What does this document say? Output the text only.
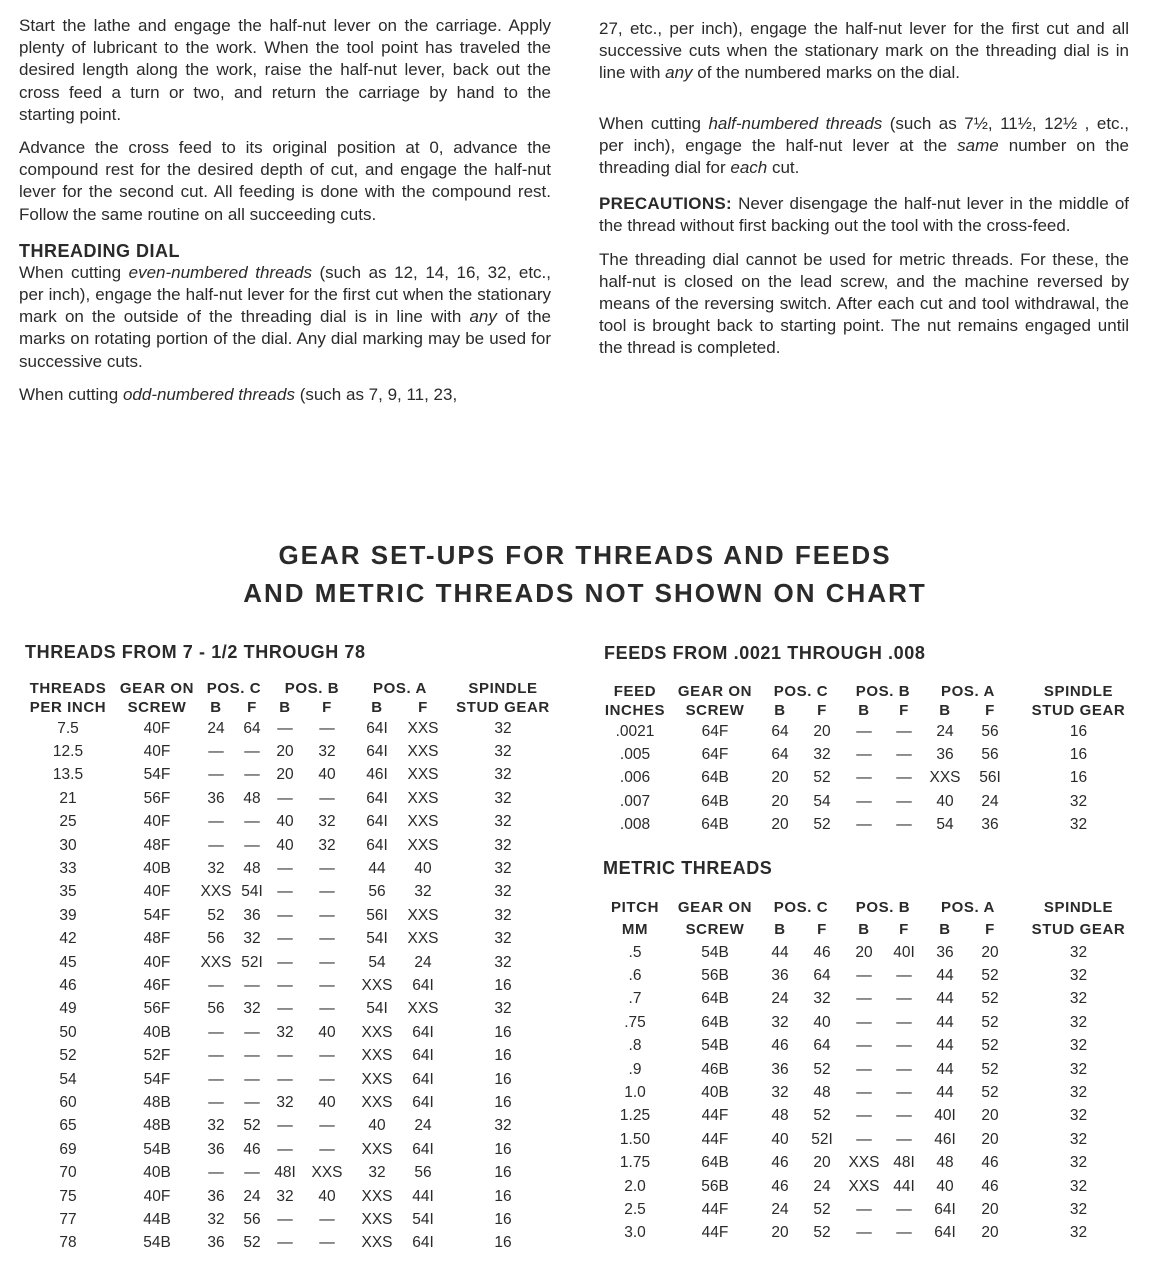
Start the lathe and engage the half-nut lever on the carriage. Apply plenty of lubricant to the work. When the tool point has traveled the desired length along the work, raise the half-nut lever, back out the cross feed a turn or two, and return the carriage by hand to the starting point.

Advance the cross feed to its original position at 0, advance the compound rest for the desired depth of cut, and engage the half-nut lever for the second cut. All feeding is done with the compound rest. Follow the same routine on all succeeding cuts.

THREADING DIAL

When cutting even-numbered threads (such as 12, 14, 16, 32, etc., per inch), engage the half-nut lever for the first cut when the stationary mark on the outside of the threading dial is in line with any of the marks on rotating portion of the dial. Any dial marking may be used for successive cuts.

When cutting odd-numbered threads (such as 7, 9, 11, 23,

27, etc., per inch), engage the half-nut lever for the first cut and all successive cuts when the stationary mark on the threading dial is in line with any of the numbered marks on the dial.

When cutting half-numbered threads (such as 7½, 11½, 12½ , etc., per inch), engage the half-nut lever at the same number on the threading dial for each cut.

PRECAUTIONS: Never disengage the half-nut lever in the middle of the thread without first backing out the tool with the cross-feed.

The threading dial cannot be used for metric threads. For these, the half-nut is closed on the lead screw, and the machine reversed by means of the reversing switch. After each cut and tool withdrawal, the tool is brought back to starting point. The nut remains engaged until the thread is completed.

GEAR SET-UPS FOR THREADS AND FEEDS
AND METRIC THREADS NOT SHOWN ON CHART
THREADS FROM 7 - 1/2 THROUGH 78	FEEDS FROM .0021 THROUGH .008
METRIC THREADS
THREADS	GEAR ON	POS. C		POS. B		POS. A		SPINDLE
PER INCH	SCREW	B	F	B	F	B	F	STUD GEAR
7.5	40F	24	64	—	—	64I	XXS	32
12.5	40F	—	—	20	32	64I	XXS	32
13.5	54F	—	—	20	40	46I	XXS	32
21	56F	36	48	—	—	64I	XXS	32
25	40F	—	—	40	32	64I	XXS	32
30	48F	—	—	40	32	64I	XXS	32
33	40B	32	48	—	—	44	40	32
35	40F	XXS	54I	—	—	56	32	32
39	54F	52	36	—	—	56I	XXS	32
42	48F	56	32	—	—	54I	XXS	32
45	40F	XXS	52I	—	—	54	24	32
46	46F	—	—	—	—	XXS	64I	16
49	56F	56	32	—	—	54I	XXS	32
50	40B	—	—	32	40	XXS	64I	16
52	52F	—	—	—	—	XXS	64I	16
54	54F	—	—	—	—	XXS	64I	16
60	48B	—	—	32	40	XXS	64I	16
65	48B	32	52	—	—	40	24	32
69	54B	36	46	—	—	XXS	64I	16
70	40B	—	—	48I	XXS	32	56	16
75	40F	36	24	32	40	XXS	44I	16
77	44B	32	56	—	—	XXS	54I	16
78	54B	36	52	—	—	XXS	64I	16
FEED	GEAR ON	POS. C		POS. B		POS. A		SPINDLE
INCHES	SCREW	B	F	B	F	B	F	STUD GEAR
.0021	64F	64	20	—	—	24	56	16
.005	64F	64	32	—	—	36	56	16
.006	64B	20	52	—	—	XXS	56I	16
.007	64B	20	54	—	—	40	24	32
.008	64B	20	52	—	—	54	36	32
PITCH	GEAR ON	POS. C		POS. B		POS. A		SPINDLE
MM	SCREW	B	F	B	F	B	F	STUD GEAR
.5	54B	44	46	20	40I	36	20	32
.6	56B	36	64	—	—	44	52	32
.7	64B	24	32	—	—	44	52	32
.75	64B	32	40	—	—	44	52	32
.8	54B	46	64	—	—	44	52	32
.9	46B	36	52	—	—	44	52	32
1.0	40B	32	48	—	—	44	52	32
1.25	44F	48	52	—	—	40I	20	32
1.50	44F	40	52I	—	—	46I	20	32
1.75	64B	46	20	XXS	48I	48	46	32
2.0	56B	46	24	XXS	44I	40	46	32
2.5	44F	24	52	—	—	64I	20	32
3.0	44F	20	52	—	—	64I	20	32
